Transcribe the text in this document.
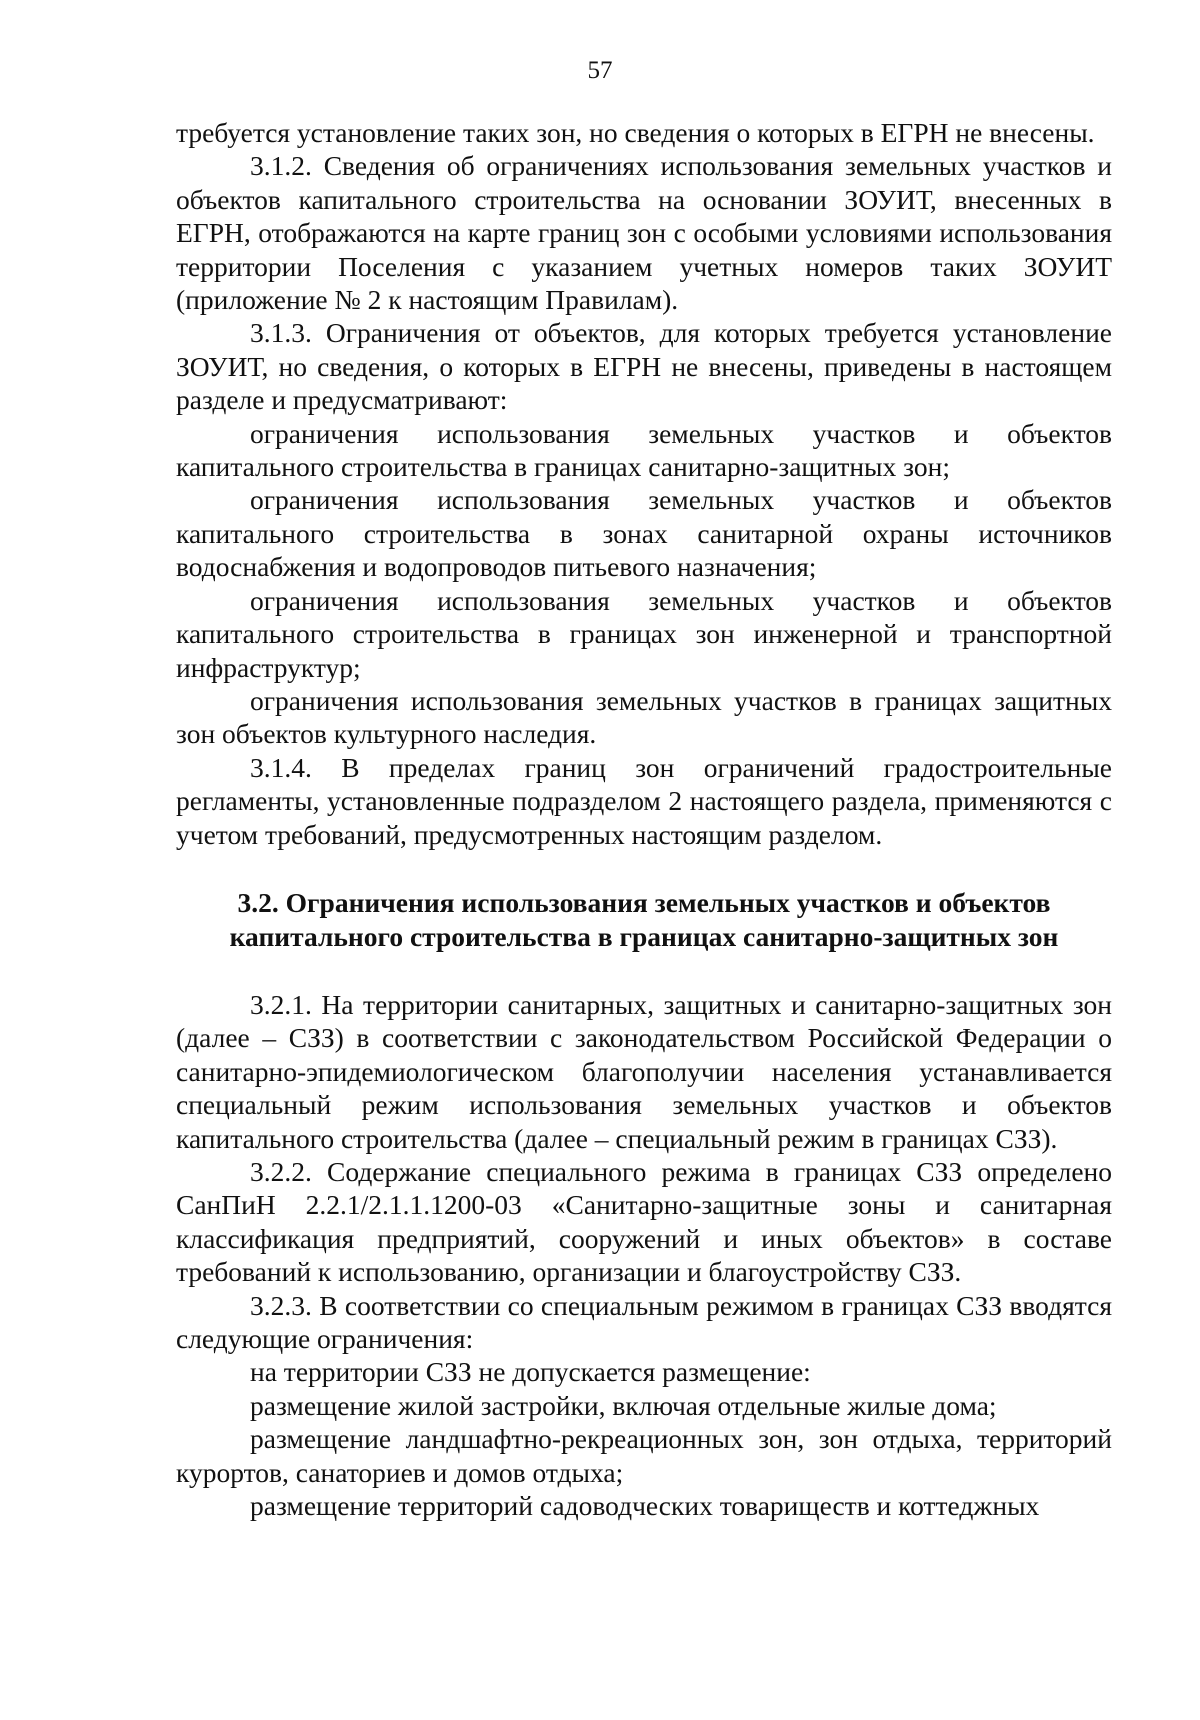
57

требуется установление таких зон, но сведения о которых в ЕГРН не внесены.

3.1.2. Сведения об ограничениях использования земельных участков и объектов капитального строительства на основании ЗОУИТ, внесенных в ЕГРН, отображаются на карте границ зон с особыми условиями использования территории Поселения с указанием учетных номеров таких ЗОУИТ (приложение № 2 к настоящим Правилам).

3.1.3. Ограничения от объектов, для которых требуется установление ЗОУИТ, но сведения, о которых в ЕГРН не внесены, приведены в настоящем разделе и предусматривают:

ограничения использования земельных участков и объектов капитального строительства в границах санитарно-защитных зон;

ограничения использования земельных участков и объектов капитального строительства в зонах санитарной охраны источников водоснабжения и водопроводов питьевого назначения;

ограничения использования земельных участков и объектов капитального строительства в границах зон инженерной и транспортной инфраструктур;

ограничения использования земельных участков в границах защитных зон объектов культурного наследия.

3.1.4. В пределах границ зон ограничений градостроительные регламенты, установленные подразделом 2 настоящего раздела, применяются с учетом требований, предусмотренных настоящим разделом.

3.2. Ограничения использования земельных участков и объектов
капитального строительства в границах санитарно-защитных зон

3.2.1. На территории санитарных, защитных и санитарно-защитных зон (далее – СЗЗ) в соответствии с законодательством Российской Федерации о санитарно-эпидемиологическом благополучии населения устанавливается специальный режим использования земельных участков и объектов капитального строительства (далее – специальный режим в границах СЗЗ).

3.2.2. Содержание специального режима в границах СЗЗ определено СанПиН 2.2.1/2.1.1.1200-03 «Санитарно-защитные зоны и санитарная классификация предприятий, сооружений и иных объектов» в составе требований к использованию, организации и благоустройству СЗЗ.

3.2.3. В соответствии со специальным режимом в границах СЗЗ вводятся следующие ограничения:

на территории СЗЗ не допускается размещение:

размещение жилой застройки, включая отдельные жилые дома;

размещение ландшафтно-рекреационных зон, зон отдыха, территорий курортов, санаториев и домов отдыха;

размещение территорий садоводческих товариществ и коттеджных
